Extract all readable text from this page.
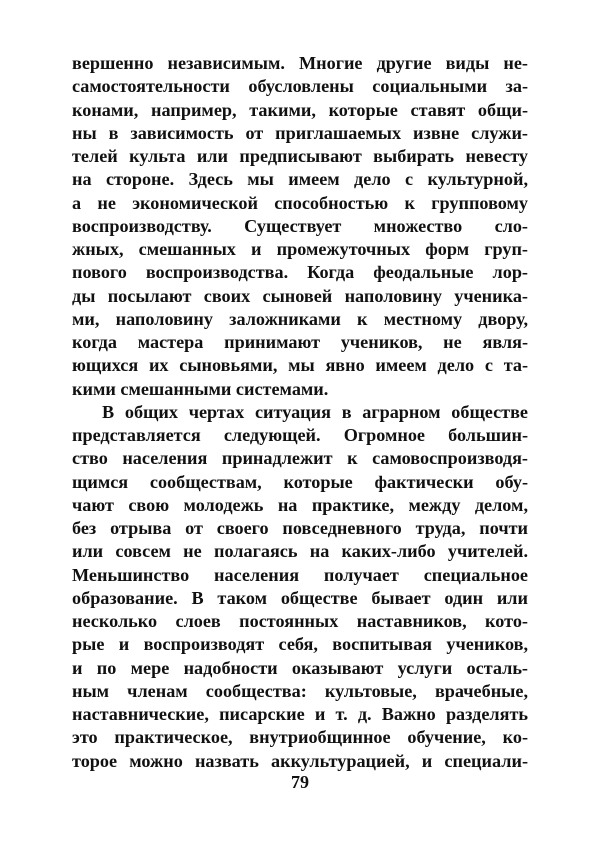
вершенно независимым. Многие другие виды не-
самостоятельности обусловлены социальными за-
конами, например, такими, которые ставят общи-
ны в зависимость от приглашаемых извне служи-
телей культа или предписывают выбирать невесту
на стороне. Здесь мы имеем дело с культурной,
а не экономической способностью к групповому
воспроизводству. Существует множество сло-
жных, смешанных и промежуточных форм груп-
пового воспроизводства. Когда феодальные лор-
ды посылают своих сыновей наполовину ученика-
ми, наполовину заложниками к местному двору,
когда мастера принимают учеников, не явля-
ющихся их сыновьями, мы явно имеем дело с та-
кими смешанными системами.
В общих чертах ситуация в аграрном обществе
представляется следующей. Огромное большин-
ство населения принадлежит к самовоспроизводя-
щимся сообществам, которые фактически обу-
чают свою молодежь на практике, между делом,
без отрыва от своего повседневного труда, почти
или совсем не полагаясь на каких-либо учителей.
Меньшинство населения получает специальное
образование. В таком обществе бывает один или
несколько слоев постоянных наставников, кото-
рые и воспроизводят себя, воспитывая учеников,
и по мере надобности оказывают услуги осталь-
ным членам сообщества: культовые, врачебные,
наставнические, писарские и т. д. Важно разделять
это практическое, внутриобщинное обучение, ко-
торое можно назвать аккультурацией, и специали-
79
